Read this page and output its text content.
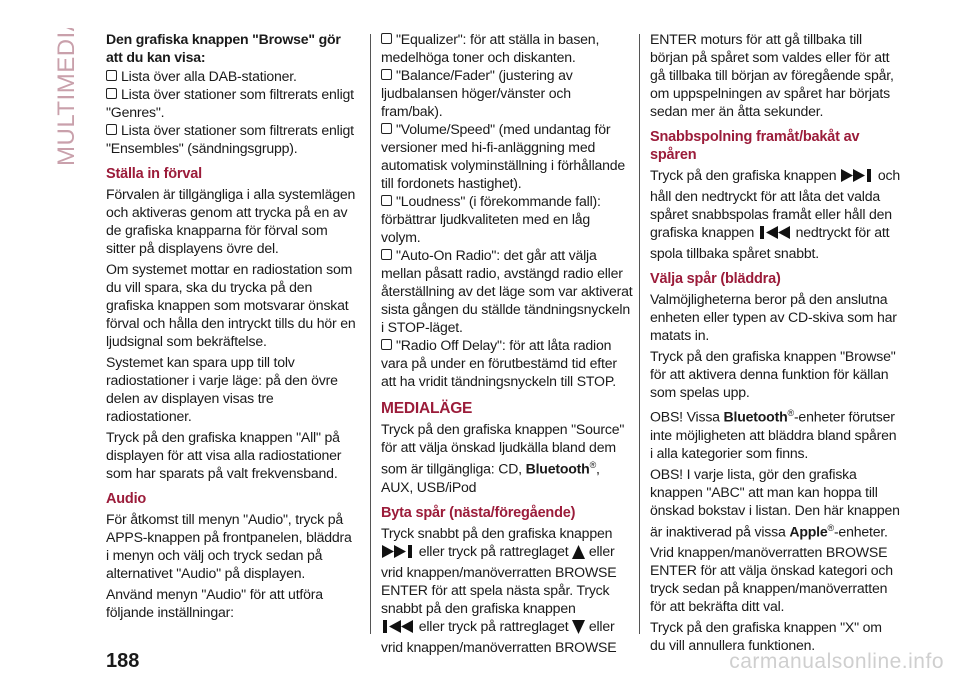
MULTIMEDIA Den grafiska knappen "Browse" gör att du kan visa:

Lista över alla DAB-stationer.

Lista över stationer som filtrerats enligt "Genres".

Lista över stationer som filtrerats enligt "Ensembles" (sändningsgrupp).

Ställa in förval

Förvalen är tillgängliga i alla systemlägen och aktiveras genom att trycka på en av de grafiska knapparna för förval som sitter på displayens övre del.

Om systemet mottar en radiostation som du vill spara, ska du trycka på den grafiska knappen som motsvarar önskat förval och hålla den intryckt tills du hör en ljudsignal som bekräftelse.

Systemet kan spara upp till tolv radiostationer i varje läge: på den övre delen av displayen visas tre radiostationer.

Tryck på den grafiska knappen "All" på displayen för att visa alla radiostationer som har sparats på valt frekvensband.

Audio

För åtkomst till menyn "Audio", tryck på APPS-knappen på frontpanelen, bläddra i menyn och välj och tryck sedan på alternativet "Audio" på displayen.

Använd menyn "Audio" för att utföra följande inställningar:

"Equalizer": för att ställa in basen, medelhöga toner och diskanten.

"Balance/Fader" (justering av ljudbalansen höger/vänster och fram/bak).

"Volume/Speed" (med undantag för versioner med hi-fi-anläggning med automatisk volyminställning i förhållande till fordonets hastighet).

"Loudness" (i förekommande fall): förbättrar ljudkvaliteten med en låg volym.

"Auto-On Radio": det går att välja mellan påsatt radio, avstängd radio eller återställning av det läge som var aktiverat sista gången du ställde tändningsnyckeln i STOP-läget.

"Radio Off Delay": för att låta radion vara på under en förutbestämd tid efter att ha vridit tändningsnyckeln till STOP.

MEDIALÄGE

Tryck på den grafiska knappen "Source" för att välja önskad ljudkälla bland dem som är tillgängliga: CD, Bluetooth®, AUX, USB/iPod

Byta spår (nästa/föregående)

Tryck snabbt på den grafiska knappen
eller tryck på rattreglaget eller vrid knappen/manöverratten BROWSE ENTER för att spela nästa spår. Tryck snabbt på den grafiska knappen
eller tryck på rattreglaget eller vrid knappen/manöverratten BROWSE

ENTER moturs för att gå tillbaka till början på spåret som valdes eller för att gå tillbaka till början av föregående spår, om uppspelningen av spåret har börjats sedan mer än åtta sekunder.

Snabbspolning framåt/bakåt av spåren

Tryck på den grafiska knappen	och håll den nedtryckt för att låta det valda spåret snabbspolas framåt eller håll den grafiska knappen	nedtryckt för att spola tillbaka spåret snabbt.

Välja spår (bläddra)

Valmöjligheterna beror på den anslutna enheten eller typen av CD-skiva som har matats in.

Tryck på den grafiska knappen "Browse" för att aktivera denna funktion för källan som spelas upp.

OBS! Vissa Bluetooth®-enheter förutser inte möjligheten att bläddra bland spåren i alla kategorier som finns.

OBS! I varje lista, gör den grafiska knappen "ABC" att man kan hoppa till önskad bokstav i listan. Den här knappen är inaktiverad på vissa Apple®-enheter.

Vrid knappen/manöverratten BROWSE ENTER för att välja önskad kategori och tryck sedan på knappen/manöverratten för att bekräfta ditt val.

Tryck på den grafiska knappen "X" om du vill annullera funktionen.

188	carmanualsonline.info
